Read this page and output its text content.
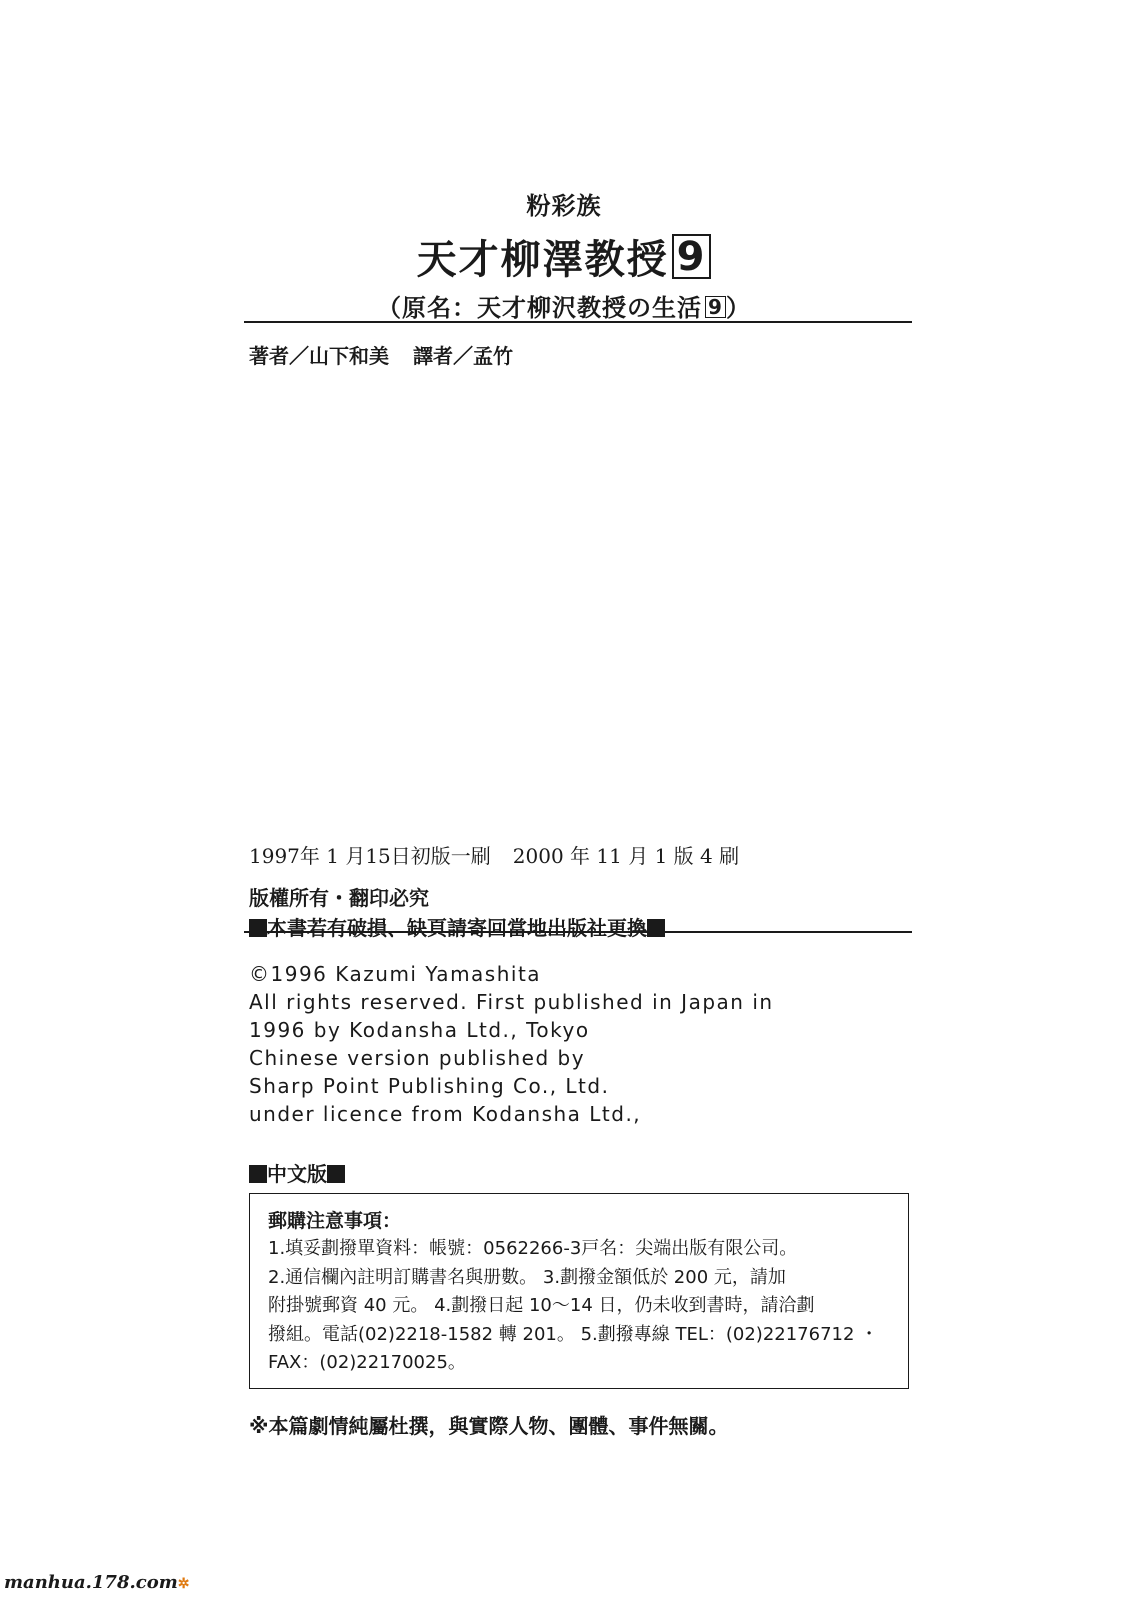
粉彩族

天才柳澤教授 9

（原名：天才柳沢教授の生活 9 ）

著者／山下和美 譯者／孟竹

1997年 1 月15日初版一刷 2000 年 11 月 1 版 4 刷

版權所有・翻印必究

本書若有破損、缺頁請寄回當地出版社更換

©1996 Kazumi Yamashita
All rights reserved. First published in Japan in
1996 by Kodansha Ltd., Tokyo
Chinese version published by
Sharp Point Publishing Co., Ltd.
under licence from Kodansha Ltd.,

中文版

郵購注意事項：

1.填妥劃撥單資料：帳號：0562266-3戸名：尖端出版有限公司。
2.通信欄內註明訂購書名與册數。 3.劃撥金額低於 200 元，請加
附掛號郵資 40 元。 4.劃撥日起 10～14 日，仍未收到書時，請洽劃
撥組。電話(02)2218-1582 轉 201。 5.劃撥專線 TEL：(02)22176712 ・
FAX：(02)22170025。

※本篇劇情純屬杜撰，與實際人物、團體、事件無關。

manhua.178.com✲
